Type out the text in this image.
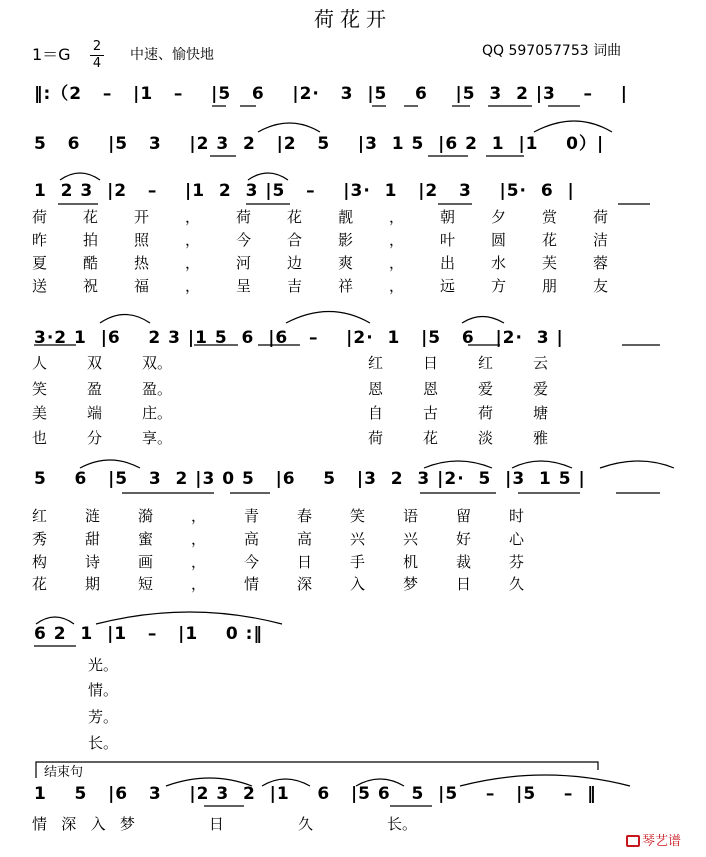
荷花开
1＝G 2
4
中速、愉快地	QQ 597057753 词曲
‖:（2   –   |1   –    |5   6    |2·   3  |5    6    |5  3  2 |3    –    |
5   6    |5   3    |2 3  2   |2   5    |3  1 5  |6 2  1  |1    0）|
1  2 3  |2   –    |1  2  3 |5   –    |3·  1   |2   3    |5·  6  |
荷花开，荷花靓，朝夕赏荷
昨拍照，今合影，叶圆花洁
夏酷热，河边爽，出水芙蓉
送祝福，呈吉祥，远方朋友
3·2 1  |6    2 3 |1 5  6  |6   –    |2·  1   |5   6   |2·  3 |
人双双。	红日红云
笑盈盈。	恩恩爱爱
美端庄。	自古荷塘
也分享。	荷花淡雅
5    6   |5   3  2 |3 0 5   |6    5   |3  2  3 |2·  5  |3  1 5 |
红涟漪，青春笑语留时
秀甜蜜，高高兴兴好心
构诗画，今日手机裁芬
花期短，情深入梦日久
6 2  1  |1   –   |1    0 :‖
光。
情。
芳。
长。
结束句
1    5   |6   3    |2 3  2  |1    6   |5 6   5  |5    –   |5    –  ‖
情   深   入   梦	日	久	长。
琴艺谱
